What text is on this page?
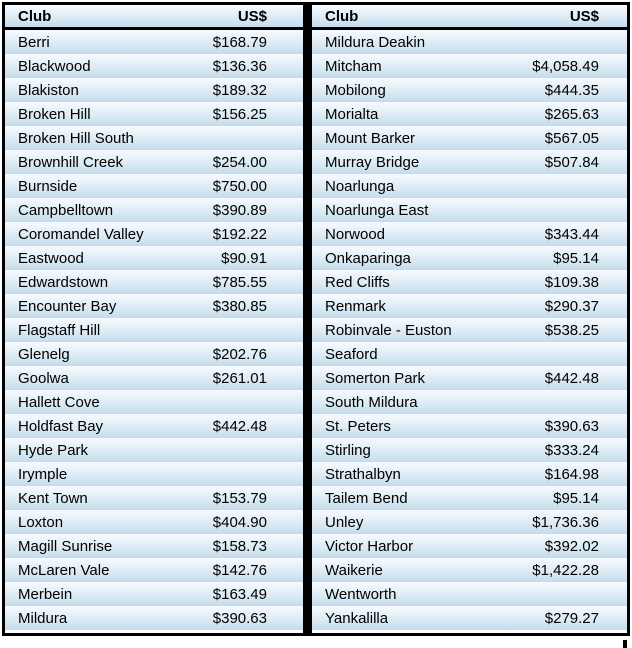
Club	US$
Berri	$168.79
Blackwood	$136.36
Blakiston	$189.32
Broken Hill	$156.25
Broken Hill South
Brownhill Creek	$254.00
Burnside	$750.00
Campbelltown	$390.89
Coromandel Valley	$192.22
Eastwood	$90.91
Edwardstown	$785.55
Encounter Bay	$380.85
Flagstaff Hill
Glenelg	$202.76
Goolwa	$261.01
Hallett Cove
Holdfast Bay	$442.48
Hyde Park
Irymple
Kent Town	$153.79
Loxton	$404.90
Magill Sunrise	$158.73
McLaren Vale	$142.76
Merbein	$163.49
Mildura	$390.63
Club	US$
Mildura Deakin
Mitcham	$4,058.49
Mobilong	$444.35
Morialta	$265.63
Mount Barker	$567.05
Murray Bridge	$507.84
Noarlunga
Noarlunga East
Norwood	$343.44
Onkaparinga	$95.14
Red Cliffs	$109.38
Renmark	$290.37
Robinvale - Euston	$538.25
Seaford
Somerton Park	$442.48
South Mildura
St. Peters	$390.63
Stirling	$333.24
Strathalbyn	$164.98
Tailem Bend	$95.14
Unley	$1,736.36
Victor Harbor	$392.02
Waikerie	$1,422.28
Wentworth
Yankalilla	$279.27
